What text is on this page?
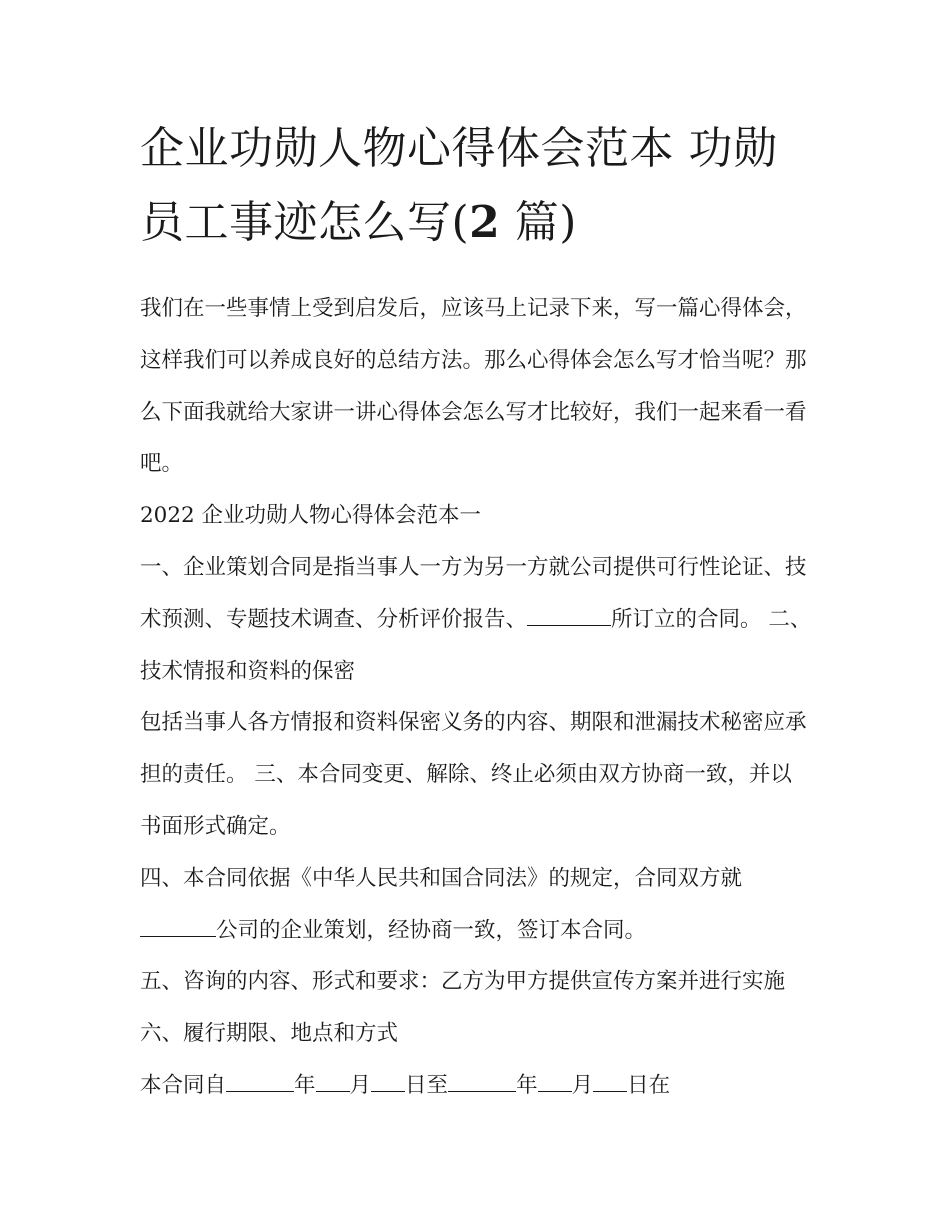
企业功勋人物心得体会范本 功勋员工事迹怎么写(2 篇)

我们在一些事情上受到启发后，应该马上记录下来，写一篇心得体会，这样我们可以养成良好的总结方法。那么心得体会怎么写才恰当呢？那么下面我就给大家讲一讲心得体会怎么写才比较好，我们一起来看一看吧。

2022 企业功勋人物心得体会范本一

一、企业策划合同是指当事人一方为另一方就公司提供可行性论证、技术预测、专题技术调查、分析评价报告、	所订立的合同。 二、技术情报和资料的保密

包括当事人各方情报和资料保密义务的内容、期限和泄漏技术秘密应承担的责任。 三、本合同变更、解除、终止必须由双方协商一致，并以书面形式确定。

四、本合同依据《中华人民共和国合同法》的规定，合同双方就公司的企业策划，经协商一致，签订本合同。

五、咨询的内容、形式和要求：乙方为甲方提供宣传方案并进行实施 六、履行期限、地点和方式

本合同自	年 月 日至	年 月 日在
